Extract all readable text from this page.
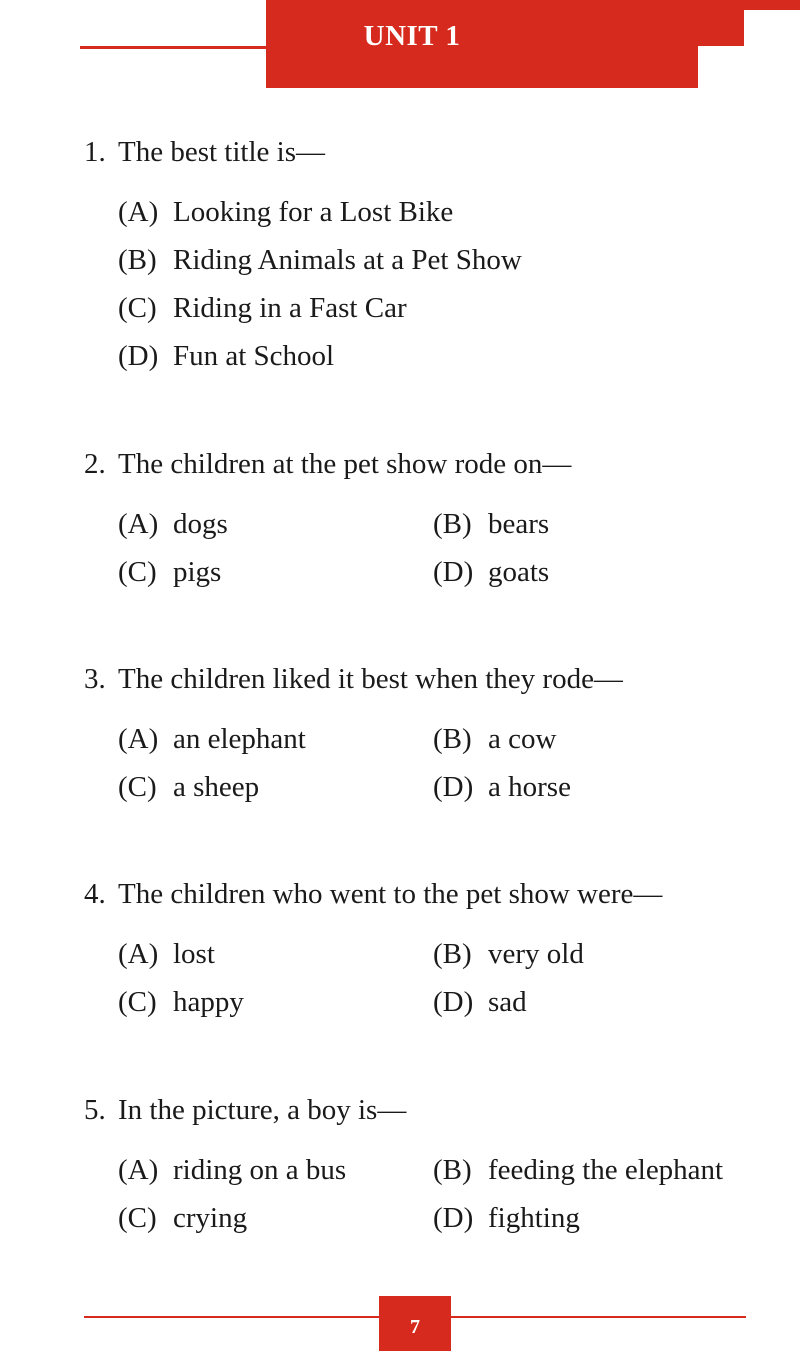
UNIT 1
1. The best title is—
(A) Looking for a Lost Bike
(B) Riding Animals at a Pet Show
(C) Riding in a Fast Car
(D) Fun at School
2. The children at the pet show rode on—
(A) dogs	(B) bears
(C) pigs	(D) goats
3. The children liked it best when they rode—
(A) an elephant	(B) a cow
(C) a sheep	(D) a horse
4. The children who went to the pet show were—
(A) lost	(B) very old
(C) happy	(D) sad
5. In the picture, a boy is—
(A) riding on a bus	(B) feeding the elephant
(C) crying	(D) fighting
7
